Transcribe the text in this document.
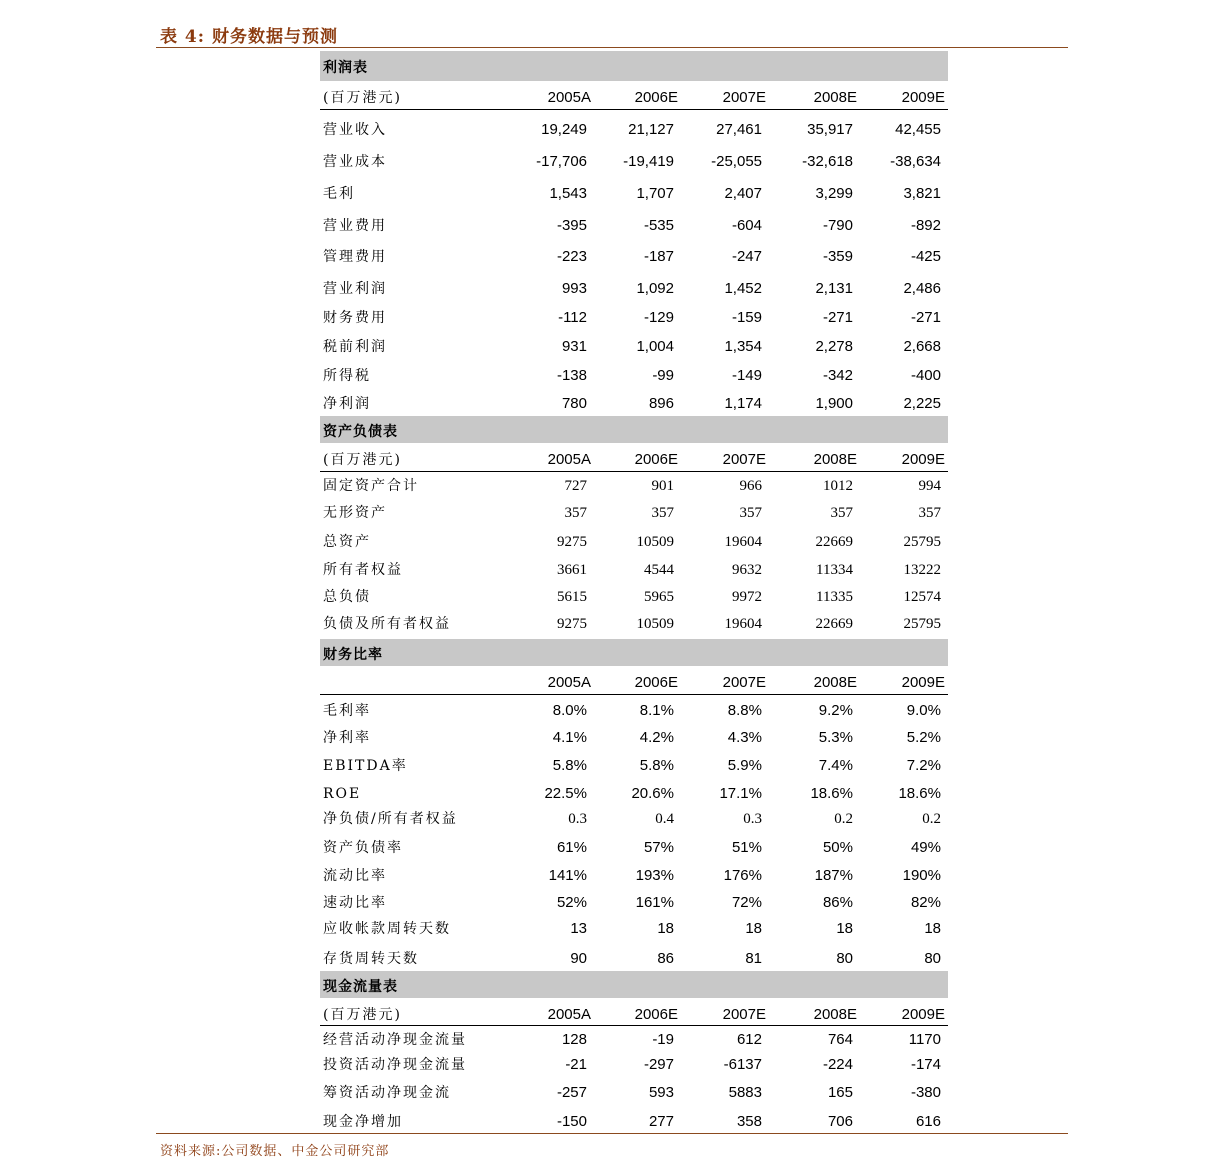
表 4: 财务数据与预测
利润表
(百万港元)	2005A	2006E	2007E	2008E	2009E
营业收入	19,249	21,127	27,461	35,917	42,455
营业成本	-17,706	-19,419	-25,055	-32,618	-38,634
毛利	1,543	1,707	2,407	3,299	3,821
营业费用	-395	-535	-604	-790	-892
管理费用	-223	-187	-247	-359	-425
营业利润	993	1,092	1,452	2,131	2,486
财务费用	-112	-129	-159	-271	-271
税前利润	931	1,004	1,354	2,278	2,668
所得税	-138	-99	-149	-342	-400
净利润	780	896	1,174	1,900	2,225
资产负债表
(百万港元)	2005A	2006E	2007E	2008E	2009E
固定资产合计	727	901	966	1012	994
无形资产	357	357	357	357	357
总资产	9275	10509	19604	22669	25795
所有者权益	3661	4544	9632	11334	13222
总负债	5615	5965	9972	11335	12574
负债及所有者权益	9275	10509	19604	22669	25795
财务比率
2005A	2006E	2007E	2008E	2009E
毛利率	8.0%	8.1%	8.8%	9.2%	9.0%
净利率	4.1%	4.2%	4.3%	5.3%	5.2%
EBITDA率	5.8%	5.8%	5.9%	7.4%	7.2%
ROE	22.5%	20.6%	17.1%	18.6%	18.6%
净负债/所有者权益	0.3	0.4	0.3	0.2	0.2
资产负债率	61%	57%	51%	50%	49%
流动比率	141%	193%	176%	187%	190%
速动比率	52%	161%	72%	86%	82%
应收帐款周转天数	13	18	18	18	18
存货周转天数	90	86	81	80	80
现金流量表
(百万港元)	2005A	2006E	2007E	2008E	2009E
经营活动净现金流量	128	-19	612	764	1170
投资活动净现金流量	-21	-297	-6137	-224	-174
筹资活动净现金流	-257	593	5883	165	-380
现金净增加	-150	277	358	706	616
资料来源:公司数据、中金公司研究部
